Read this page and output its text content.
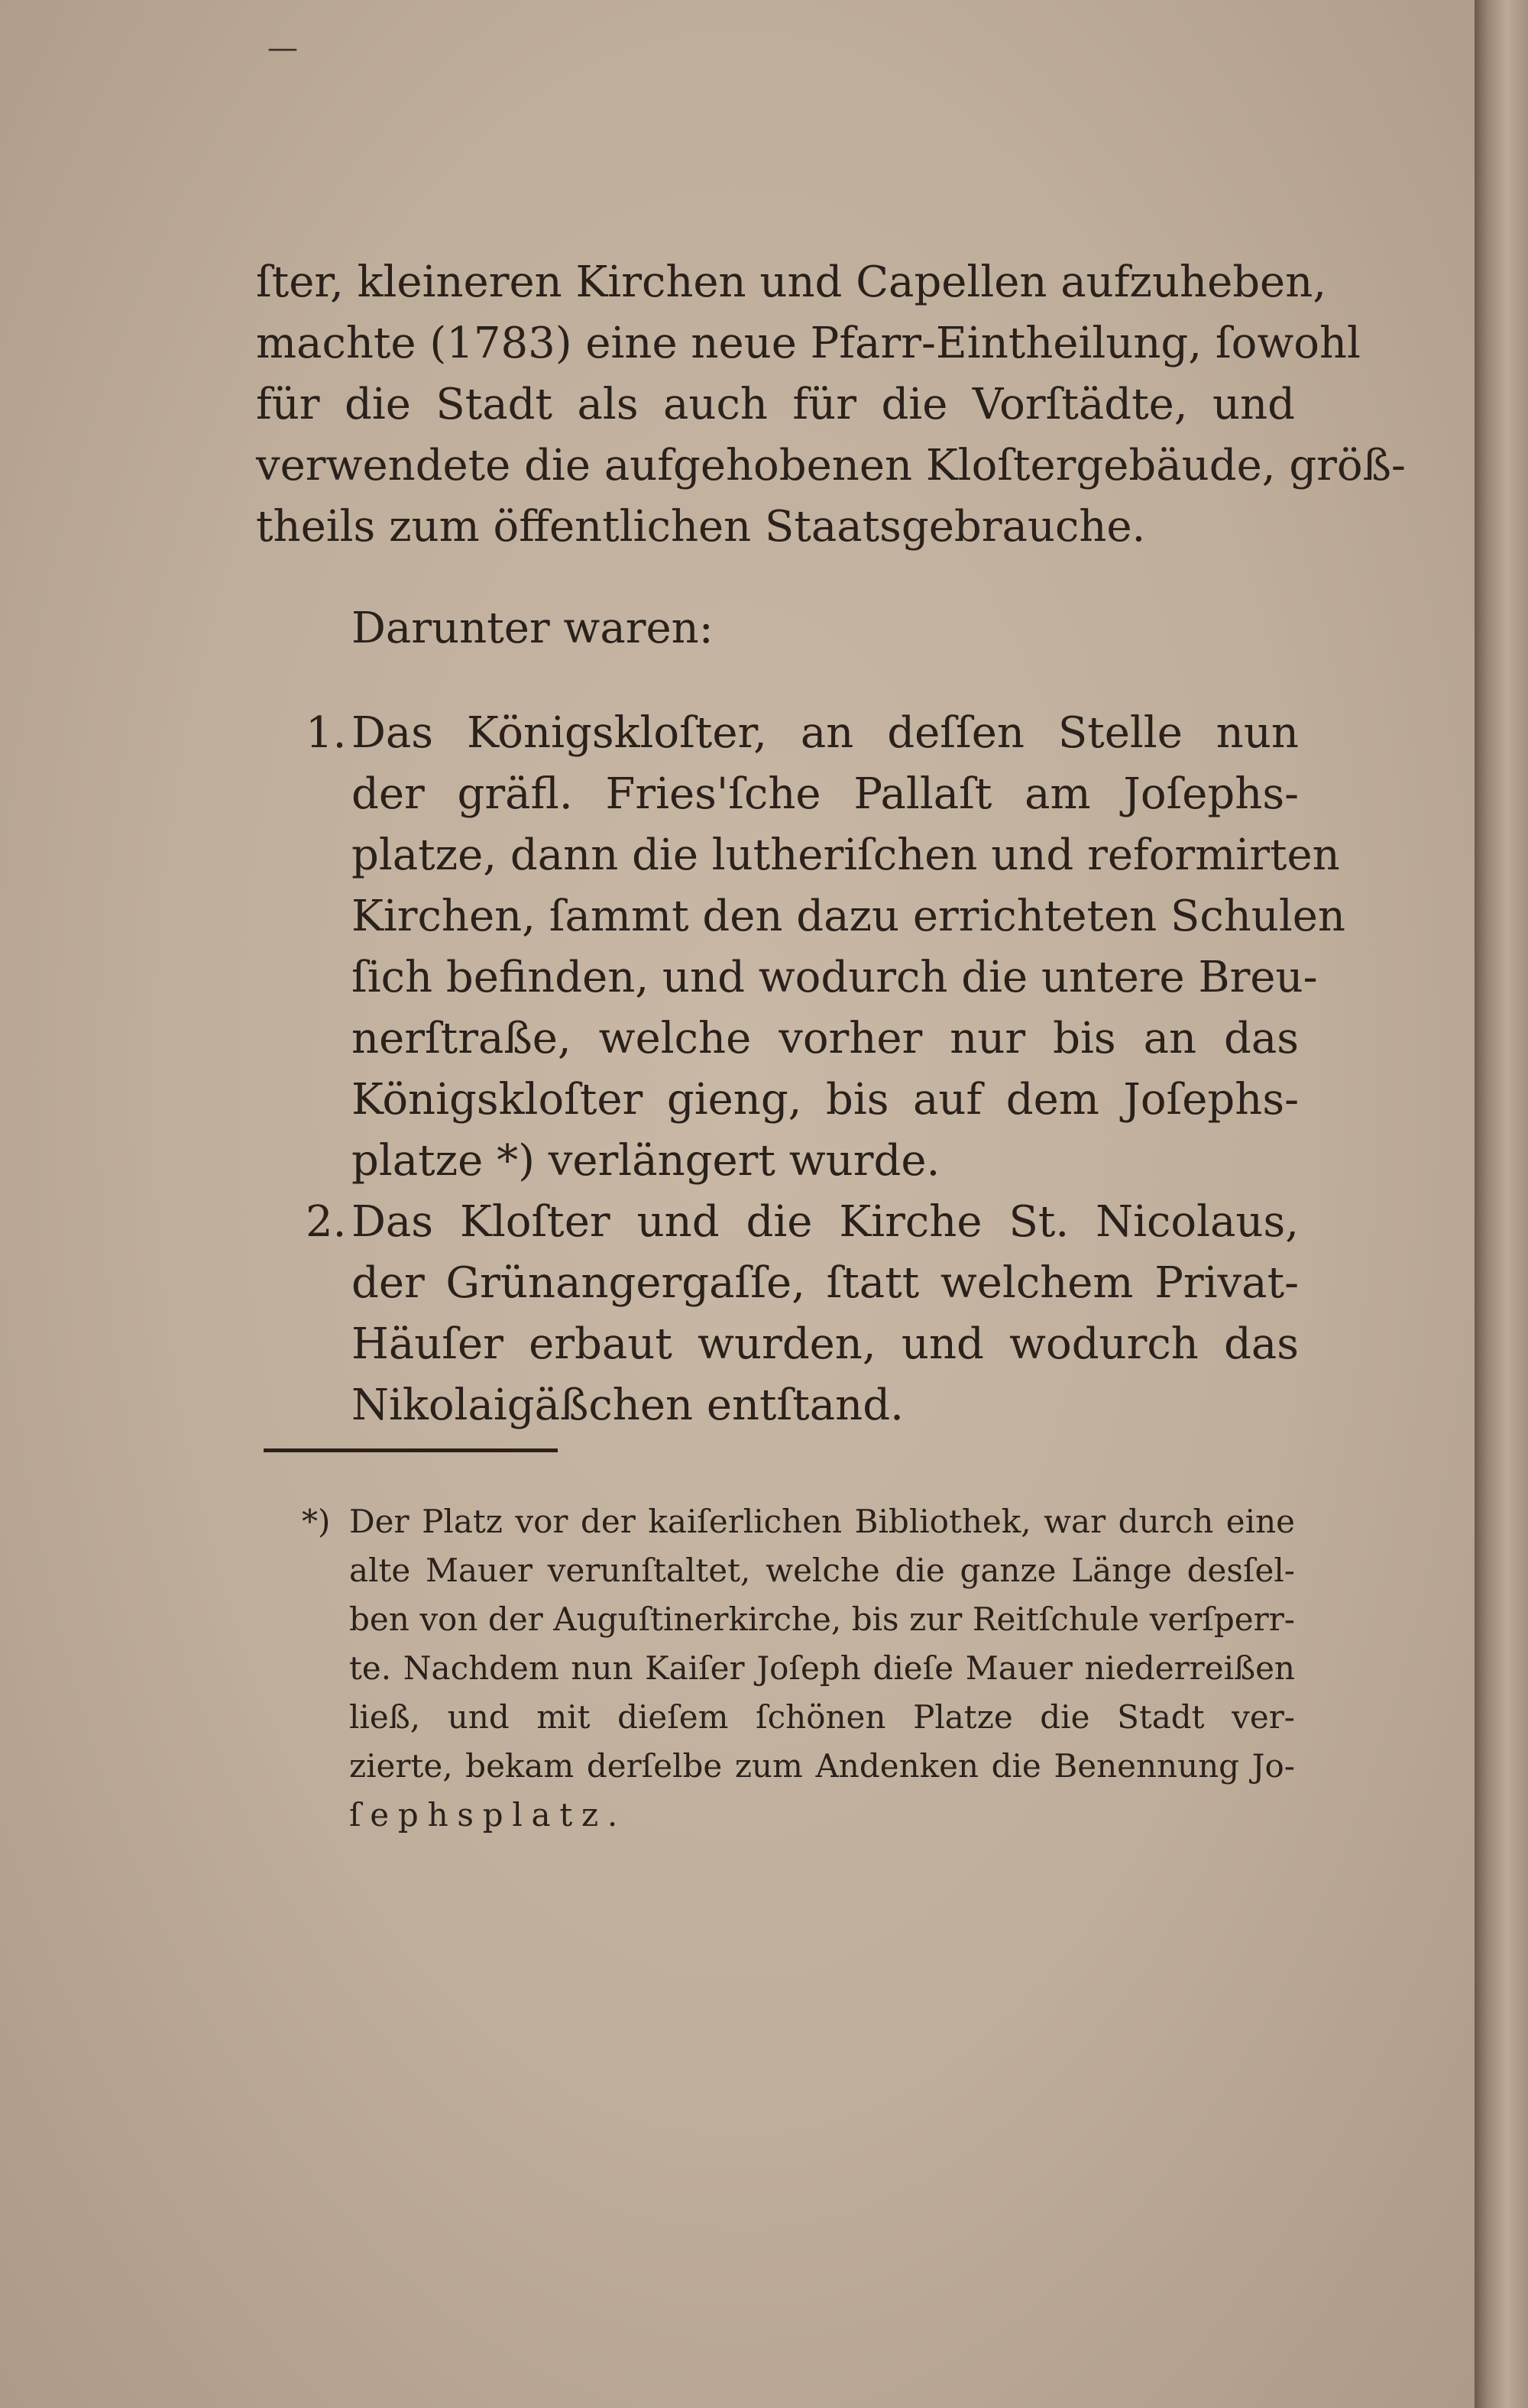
—
ſter, kleineren Kirchen und Capellen aufzuheben,
machte (1783) eine neue Pfarr-Eintheilung, ſowohl
für die Stadt als auch für die Vorſtädte, und
verwendete die aufgehobenen Kloſtergebäude, größ-
theils zum öffentlichen Staatsgebrauche.
Darunter waren:
1. Das Königskloſter, an deſſen Stelle nun
der gräfl. Fries'ſche Pallaſt am Joſephs-
platze, dann die lutheriſchen und reformirten
Kirchen, ſammt den dazu errichteten Schulen
ſich befinden, und wodurch die untere Breu-
nerſtraße, welche vorher nur bis an das
Königskloſter gieng, bis auf dem Joſephs-
platze *) verlängert wurde.
2. Das Kloſter und die Kirche St. Nicolaus,
der Grünangergaſſe, ſtatt welchem Privat-
Häuſer erbaut wurden, und wodurch das
Nikolaigäßchen entſtand.
*) Der Platz vor der kaiſerlichen Bibliothek, war durch eine
alte Mauer verunſtaltet, welche die ganze Länge desſel-
ben von der Auguſtinerkirche, bis zur Reitſchule verſperr-
te. Nachdem nun Kaiſer Joſeph dieſe Mauer niederreißen
ließ, und mit dieſem ſchönen Platze die Stadt ver-
zierte, bekam derſelbe zum Andenken die Benennung Jo-
ſephsplatz.
